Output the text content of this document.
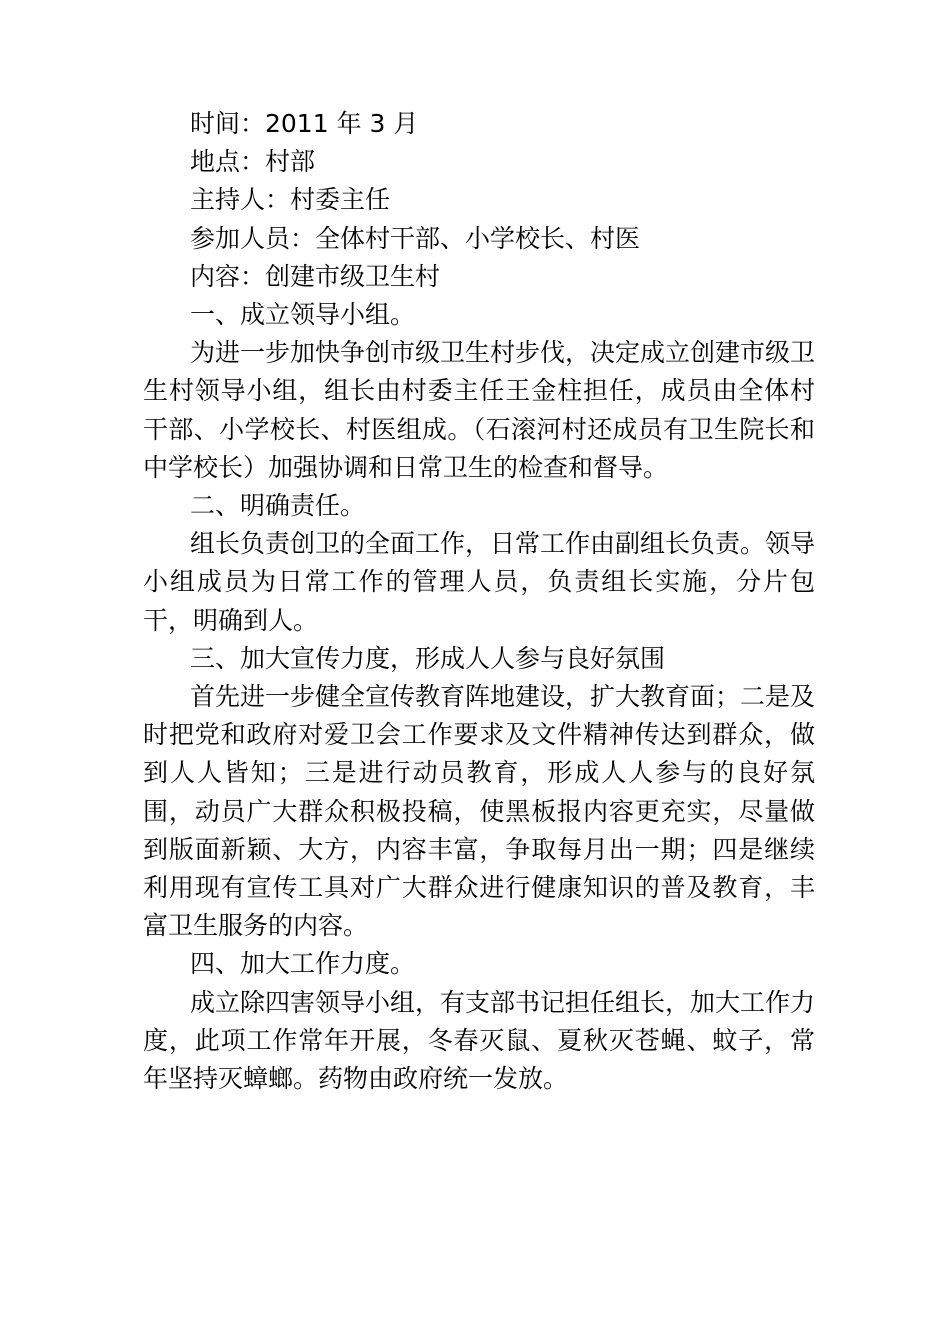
时间：2011 年 3 月

地点：村部

主持人：村委主任

参加人员：全体村干部、小学校长、村医

内容：创建市级卫生村

一、成立领导小组。

为进一步加快争创市级卫生村步伐，决定成立创建市级卫生村领导小组，组长由村委主任王金柱担任，成员由全体村干部、小学校长、村医组成。（石滚河村还成员有卫生院长和中学校长）加强协调和日常卫生的检查和督导。

二、明确责任。

组长负责创卫的全面工作，日常工作由副组长负责。领导小组成员为日常工作的管理人员，负责组长实施，分片包干，明确到人。

三、加大宣传力度，形成人人参与良好氛围

首先进一步健全宣传教育阵地建设，扩大教育面；二是及时把党和政府对爱卫会工作要求及文件精神传达到群众，做到人人皆知；三是进行动员教育，形成人人参与的良好氛围，动员广大群众积极投稿，使黑板报内容更充实，尽量做到版面新颖、大方，内容丰富，争取每月出一期；四是继续利用现有宣传工具对广大群众进行健康知识的普及教育，丰富卫生服务的内容。

四、加大工作力度。

成立除四害领导小组，有支部书记担任组长，加大工作力度，此项工作常年开展，冬春灭鼠、夏秋灭苍蝇、蚊子，常年坚持灭蟑螂。药物由政府统一发放。
